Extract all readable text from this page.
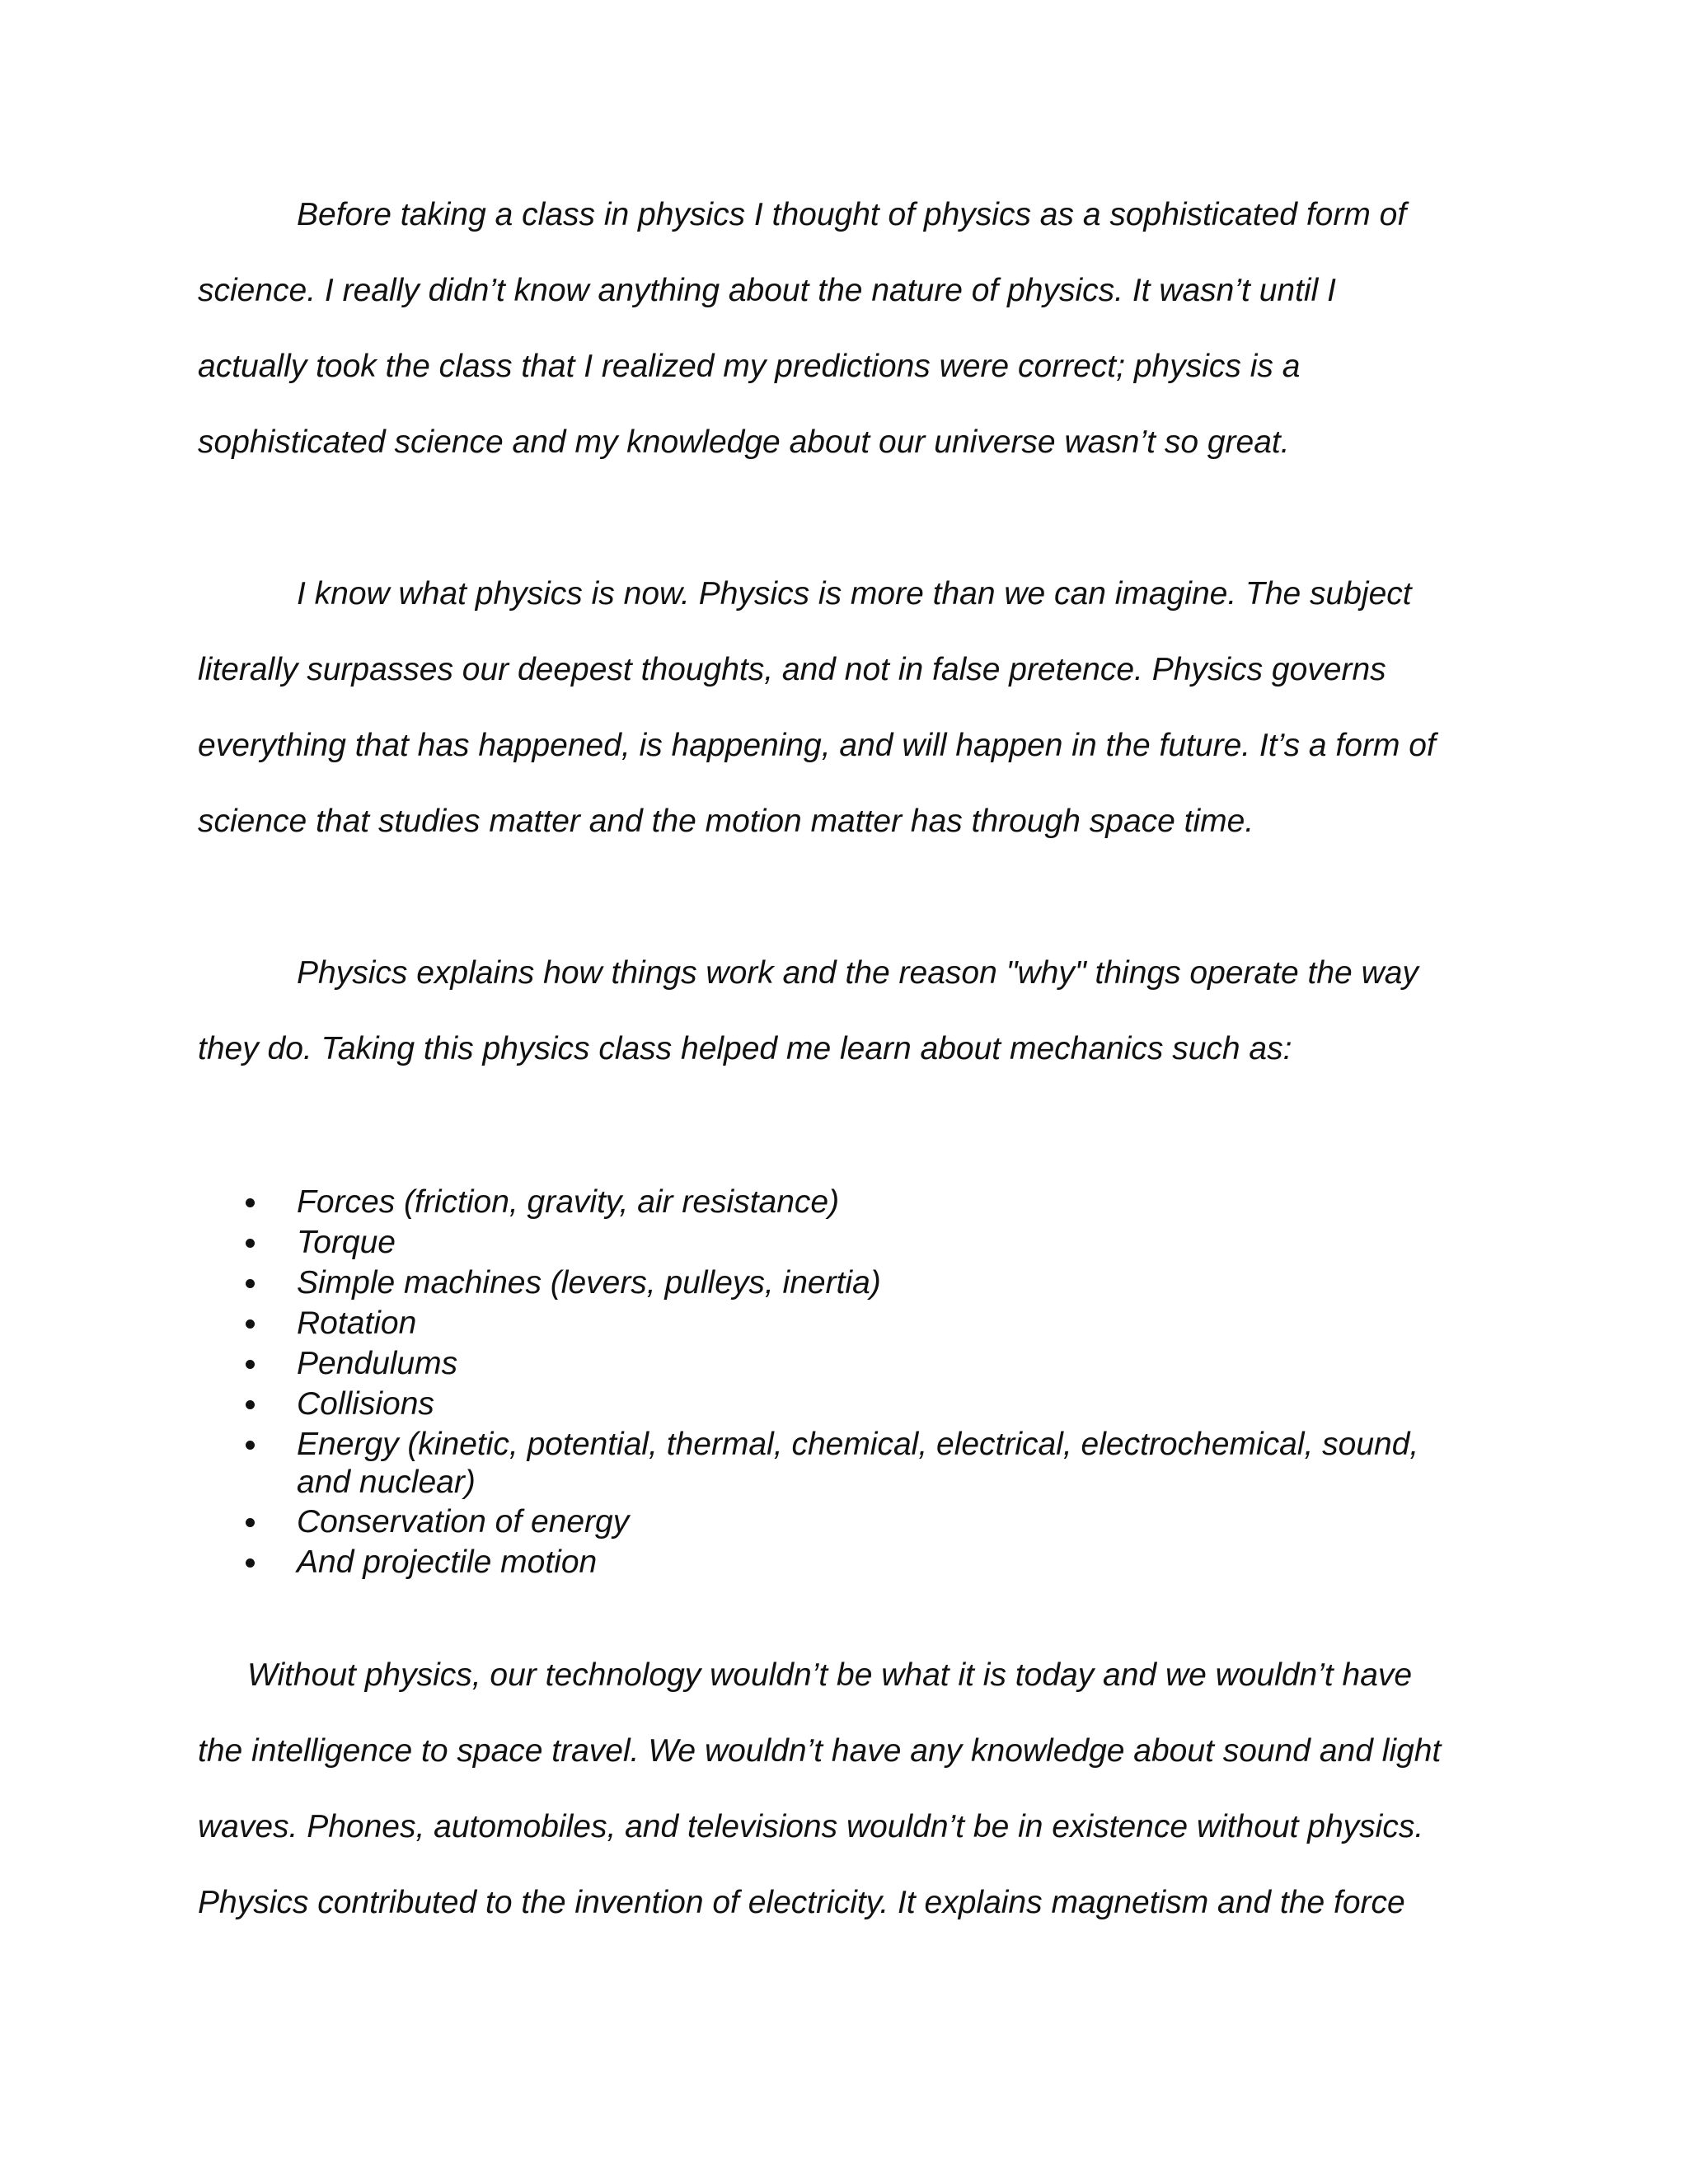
Before taking a class in physics I thought of physics as a sophisticated form of
science. I really didn’t know anything about the nature of physics. It wasn’t until I
actually took the class that I realized my predictions were correct; physics is a
sophisticated science and my knowledge about our universe wasn’t so great.
I know what physics is now. Physics is more than we can imagine. The subject
literally surpasses our deepest thoughts, and not in false pretence. Physics governs
everything that has happened, is happening, and will happen in the future. It’s a form of
science that studies matter and the motion matter has through space time.
Physics explains how things work and the reason "why" things operate the way
they do. Taking this physics class helped me learn about mechanics such as:
Forces (friction, gravity, air resistance)
Torque
Simple machines (levers, pulleys, inertia)
Rotation
Pendulums
Collisions
Energy (kinetic, potential, thermal, chemical, electrical, electrochemical, sound,
and nuclear)
Conservation of energy
And projectile motion
Without physics, our technology wouldn’t be what it is today and we wouldn’t have
the intelligence to space travel. We wouldn’t have any knowledge about sound and light
waves. Phones, automobiles, and televisions wouldn’t be in existence without physics.
Physics contributed to the invention of electricity. It explains magnetism and the force
